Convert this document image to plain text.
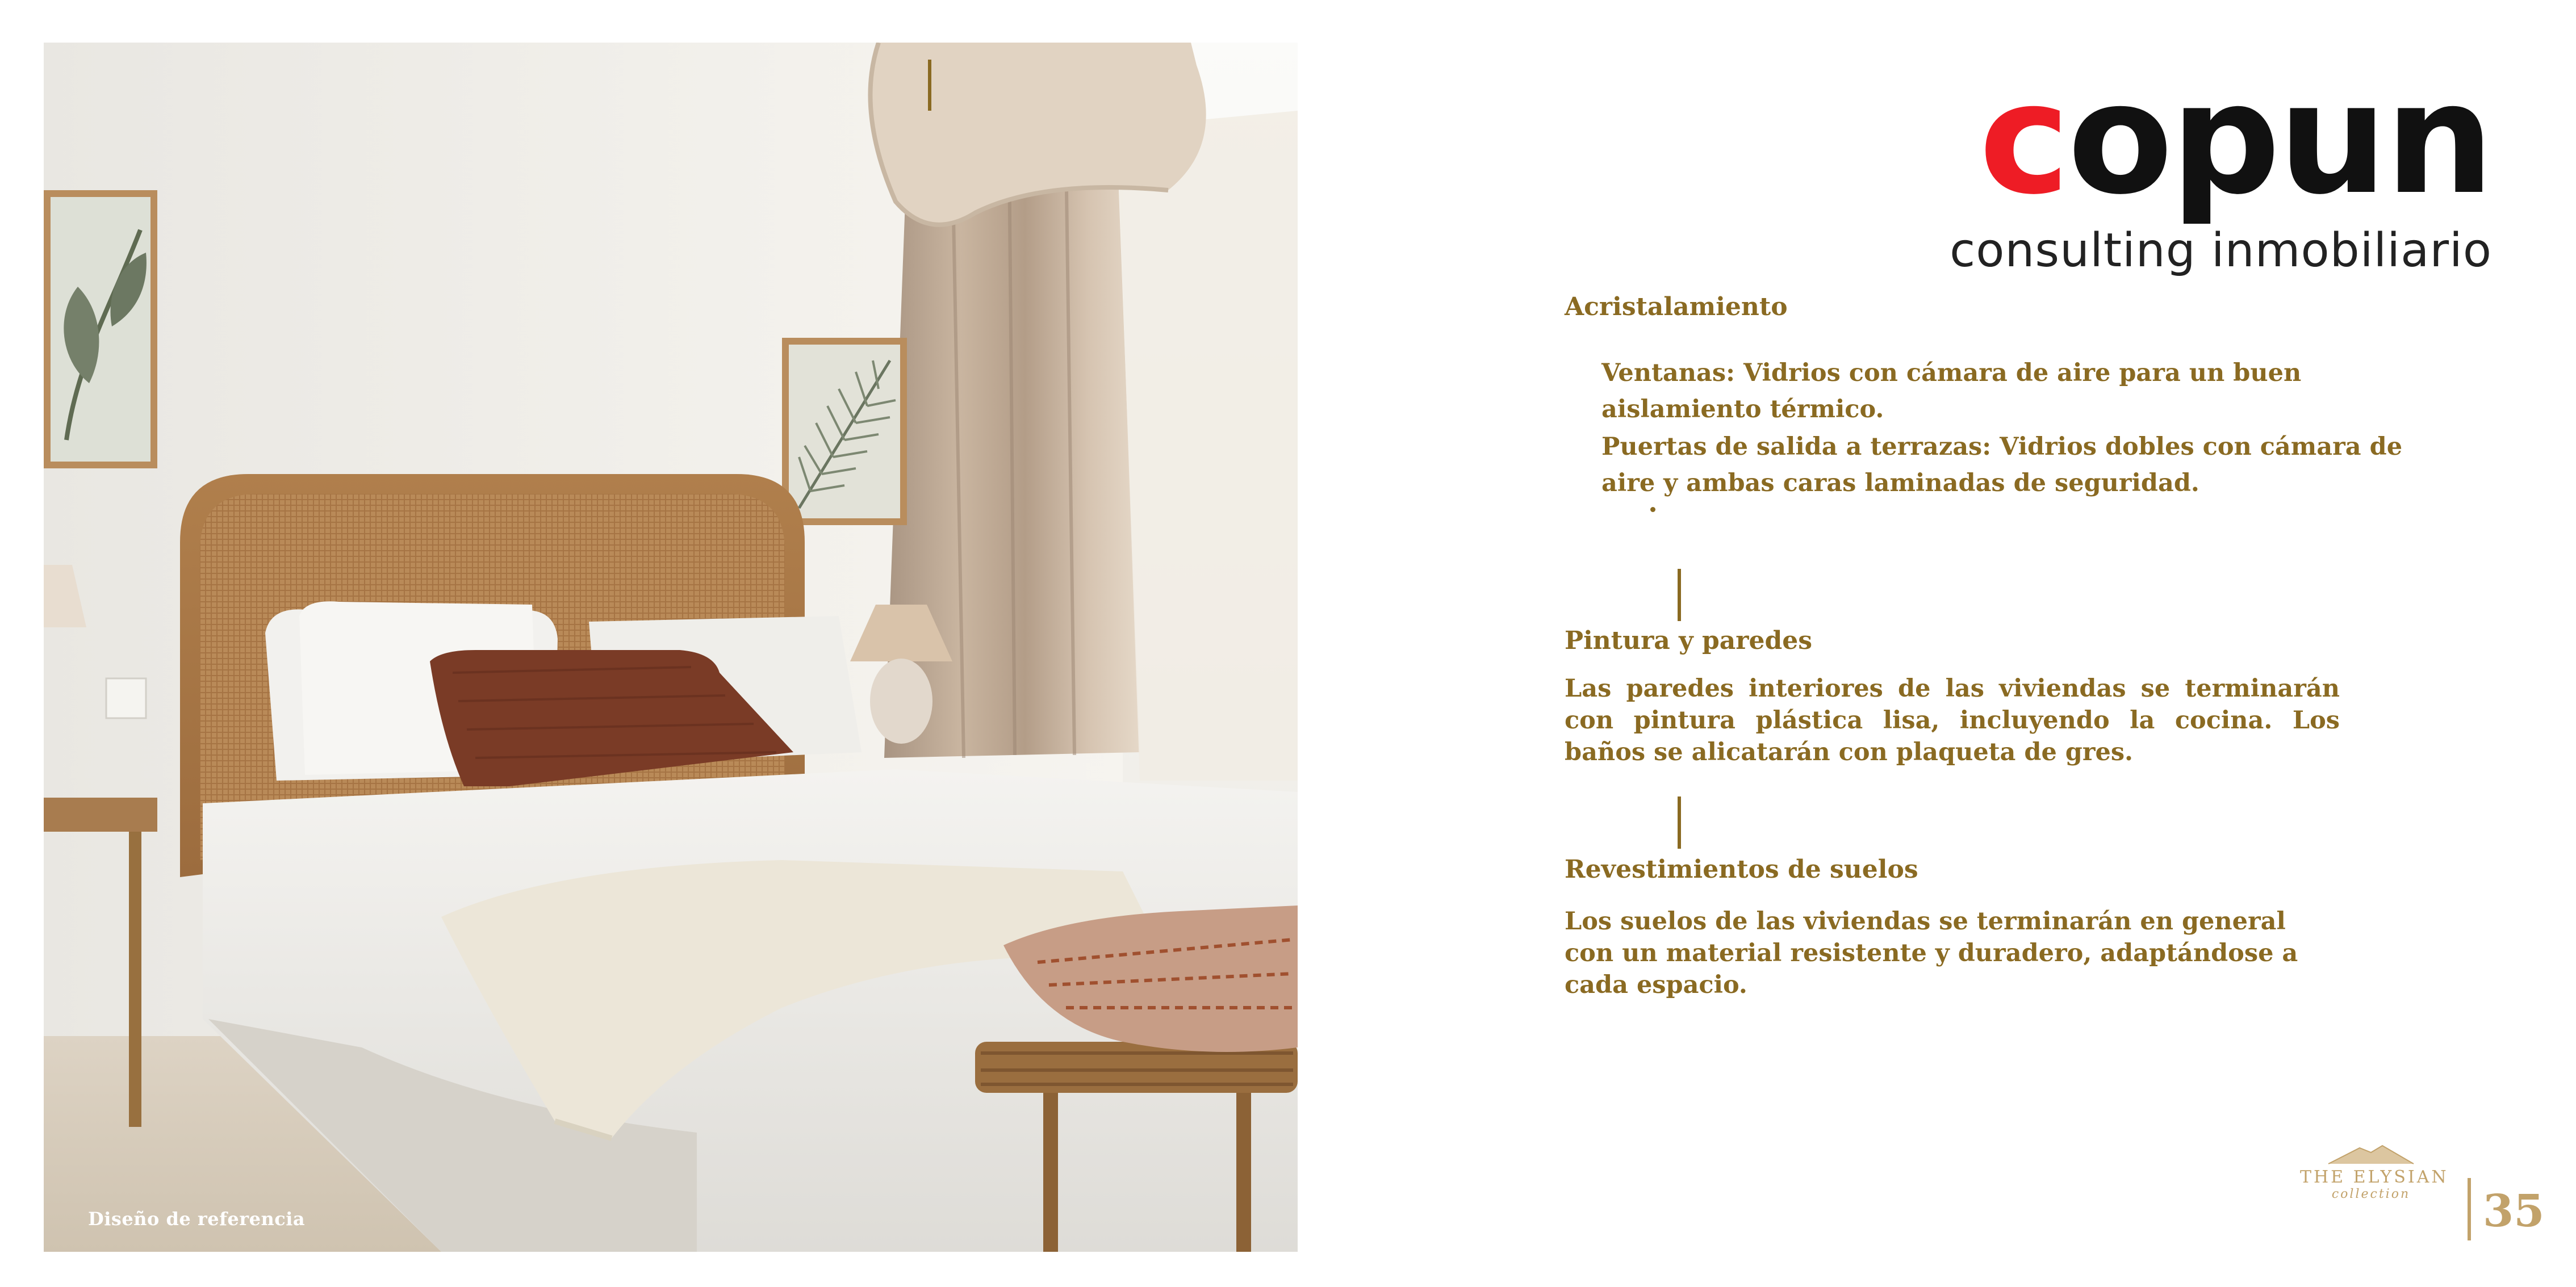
Diseño de referencia
copun
consulting inmobiliario
Acristalamiento
Ventanas: Vidrios con cámara de aire para un buen aislamiento térmico.
Puertas de salida a terrazas: Vidrios dobles con cámara de aire y ambas caras laminadas de seguridad.
Pintura y paredes
Las paredes interiores de las viviendas se terminarán con pintura plástica lisa, incluyendo la cocina. Los baños se alicatarán con plaqueta de gres.
Revestimientos de suelos
Los suelos de las viviendas se terminarán en general con un material resistente y duradero, adaptándose a cada espacio.
THE ELYSIAN
collection	35
